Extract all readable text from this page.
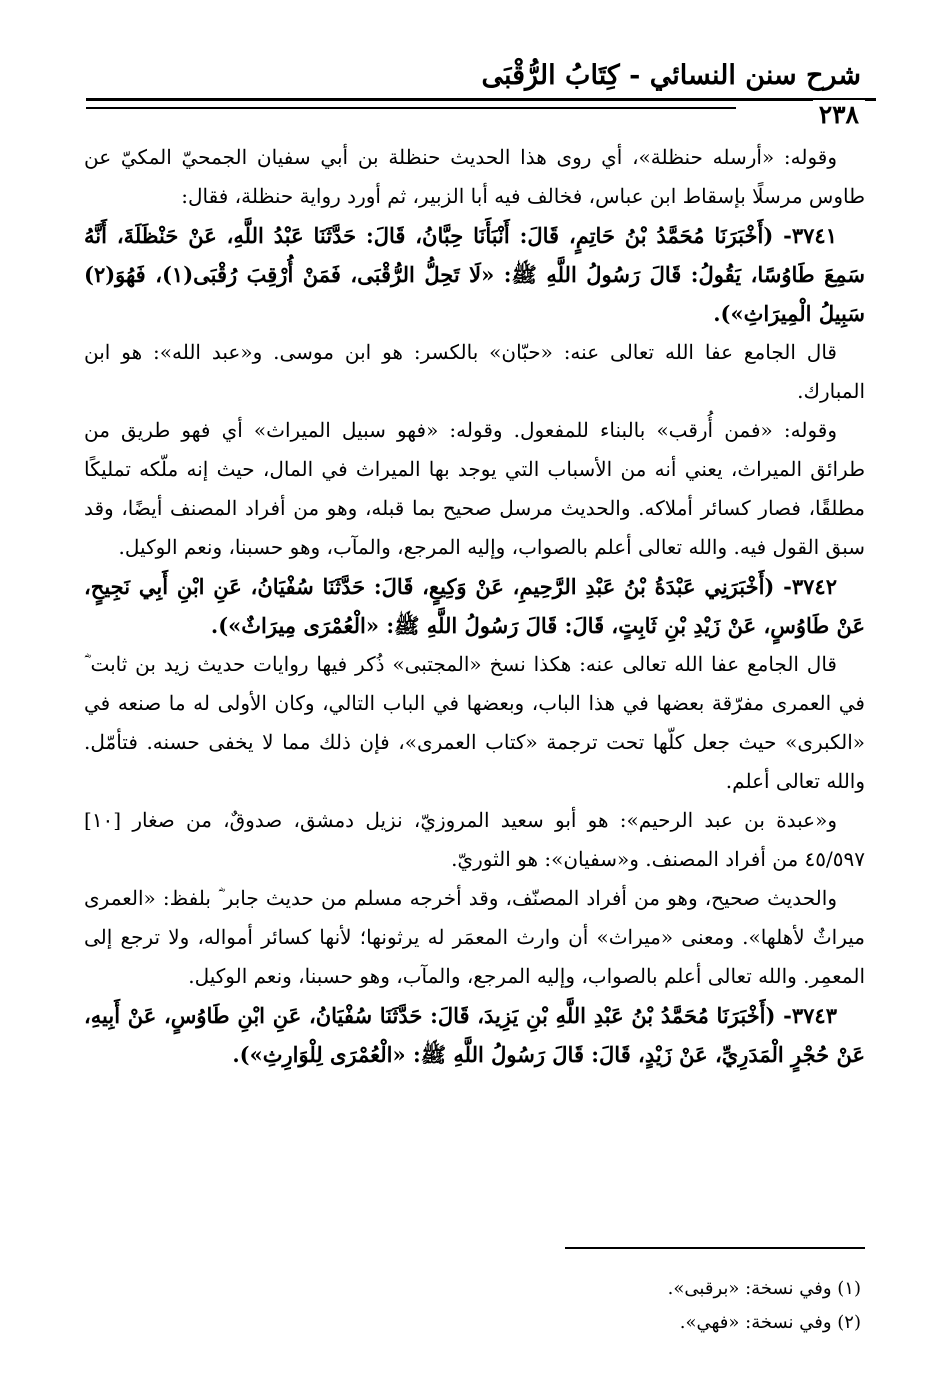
شرح سنن النسائي - كِتَابُ الرُّقْبَى
٢٣٨

وقوله: «أرسله حنظلة»، أي روى هذا الحديث حنظلة بن أبي سفيان الجمحيّ المكيّ عن طاوس مرسلًا بإسقاط ابن عباس، فخالف فيه أبا الزبير، ثم أورد رواية حنظلة، فقال:

٣٧٤١- (أَخْبَرَنَا مُحَمَّدُ بْنُ حَاتِمٍ، قَالَ: أَنْبَأَنَا حِبَّانُ، قَالَ: حَدَّثَنَا عَبْدُ اللَّهِ، عَنْ حَنْظَلَةَ، أَنَّهُ سَمِعَ طَاوُسًا، يَقُولُ: قَالَ رَسُولُ اللَّهِ ﷺ: «لَا تَحِلُّ الرُّقْبَى، فَمَنْ أُرْقِبَ رُقْبَى(١)، فَهُوَ(٢) سَبِيلُ الْمِيرَاثِ»).

قال الجامع عفا الله تعالى عنه: «حبّان» بالكسر: هو ابن موسى. و«عبد الله»: هو ابن المبارك.

وقوله: «فمن أُرقب» بالبناء للمفعول. وقوله: «فهو سبيل الميراث» أي فهو طريق من طرائق الميراث، يعني أنه من الأسباب التي يوجد بها الميراث في المال، حيث إنه ملّكه تمليكًا مطلقًا، فصار كسائر أملاكه. والحديث مرسل صحيح بما قبله، وهو من أفراد المصنف أيضًا، وقد سبق القول فيه. والله تعالى أعلم بالصواب، وإليه المرجع، والمآب، وهو حسبنا، ونعم الوكيل.

٣٧٤٢- (أَخْبَرَنِي عَبْدَةُ بْنُ عَبْدِ الرَّحِيمِ، عَنْ وَكِيعٍ، قَالَ: حَدَّثَنَا سُفْيَانُ، عَنِ ابْنِ أَبِي نَجِيحٍ، عَنْ طَاوُسٍ، عَنْ زَيْدِ بْنِ ثَابِتٍ، قَالَ: قَالَ رَسُولُ اللَّهِ ﷺ: «الْعُمْرَى مِيرَاثٌ»).

قال الجامع عفا الله تعالى عنه: هكذا نسخ «المجتبى» ذُكر فيها روايات حديث زيد بن ثابت ؓ في العمرى مفرّقة بعضها في هذا الباب، وبعضها في الباب التالي، وكان الأولى له ما صنعه في «الكبرى» حيث جعل كلّها تحت ترجمة «كتاب العمرى»، فإن ذلك مما لا يخفى حسنه. فتأمّل. والله تعالى أعلم.

و«عبدة بن عبد الرحيم»: هو أبو سعيد المروزيّ، نزيل دمشق، صدوقٌ، من صغار [١٠] ٤٥/٥٩٧ من أفراد المصنف. و«سفيان»: هو الثوريّ.

والحديث صحيح، وهو من أفراد المصنّف، وقد أخرجه مسلم من حديث جابر ؓ بلفظ: «العمرى ميراثٌ لأهلها». ومعنى «ميراث» أن وارث المعمَر له يرثونها؛ لأنها كسائر أمواله، ولا ترجع إلى المعمِر. والله تعالى أعلم بالصواب، وإليه المرجع، والمآب، وهو حسبنا، ونعم الوكيل.

٣٧٤٣- (أَخْبَرَنَا مُحَمَّدُ بْنُ عَبْدِ اللَّهِ بْنِ يَزِيدَ، قَالَ: حَدَّثَنَا سُفْيَانُ، عَنِ ابْنِ طَاوُسٍ، عَنْ أَبِيهِ، عَنْ حُجْرٍ الْمَدَرِيِّ، عَنْ زَيْدٍ، قَالَ: قَالَ رَسُولُ اللَّهِ ﷺ: «الْعُمْرَى لِلْوَارِثِ»).

(١) وفي نسخة: «برقبى».

(٢) وفي نسخة: «فهي».
